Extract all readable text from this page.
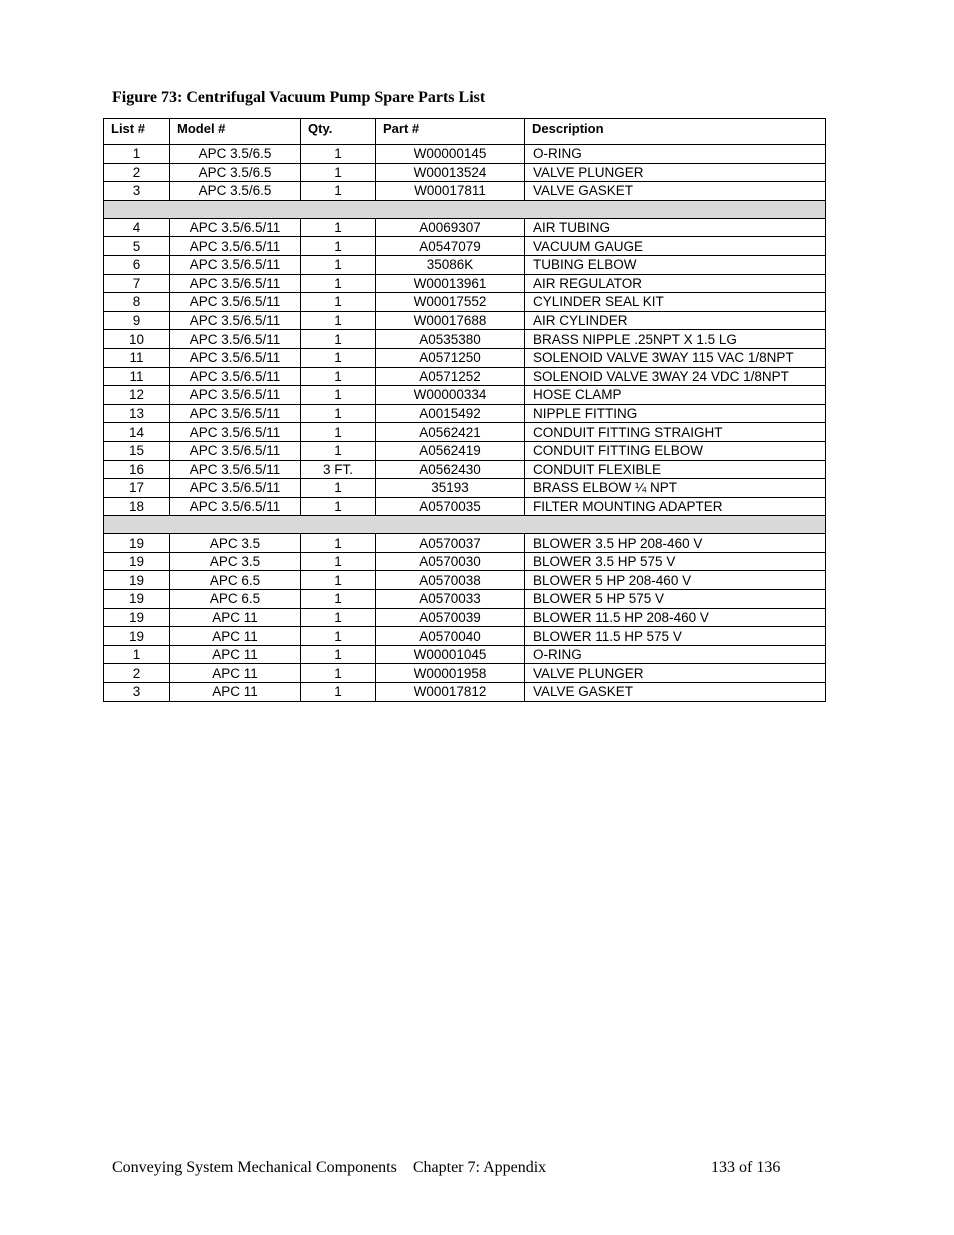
Figure 73: Centrifugal Vacuum Pump Spare Parts List
List #	Model #	Qty.	Part #	Description
1	APC 3.5/6.5	1	W00000145	O-RING
2	APC 3.5/6.5	1	W00013524	VALVE PLUNGER
3	APC 3.5/6.5	1	W00017811	VALVE GASKET

4	APC 3.5/6.5/11	1	A0069307	AIR TUBING
5	APC 3.5/6.5/11	1	A0547079	VACUUM GAUGE
6	APC 3.5/6.5/11	1	35086K	TUBING ELBOW
7	APC 3.5/6.5/11	1	W00013961	AIR REGULATOR
8	APC 3.5/6.5/11	1	W00017552	CYLINDER SEAL KIT
9	APC 3.5/6.5/11	1	W00017688	AIR CYLINDER
10	APC 3.5/6.5/11	1	A0535380	BRASS NIPPLE .25NPT X 1.5 LG
11	APC 3.5/6.5/11	1	A0571250	SOLENOID VALVE 3WAY 115 VAC 1/8NPT
11	APC 3.5/6.5/11	1	A0571252	SOLENOID VALVE 3WAY 24 VDC 1/8NPT
12	APC 3.5/6.5/11	1	W00000334	HOSE CLAMP
13	APC 3.5/6.5/11	1	A0015492	NIPPLE FITTING
14	APC 3.5/6.5/11	1	A0562421	CONDUIT FITTING STRAIGHT
15	APC 3.5/6.5/11	1	A0562419	CONDUIT FITTING ELBOW
16	APC 3.5/6.5/11	3 FT.	A0562430	CONDUIT FLEXIBLE
17	APC 3.5/6.5/11	1	35193	BRASS ELBOW ¼ NPT
18	APC 3.5/6.5/11	1	A0570035	FILTER MOUNTING ADAPTER

19	APC 3.5	1	A0570037	BLOWER 3.5 HP 208-460 V
19	APC 3.5	1	A0570030	BLOWER 3.5 HP 575 V
19	APC 6.5	1	A0570038	BLOWER 5 HP 208-460 V
19	APC 6.5	1	A0570033	BLOWER 5 HP 575 V
19	APC 11	1	A0570039	BLOWER 11.5 HP 208-460 V
19	APC 11	1	A0570040	BLOWER 11.5 HP 575 V
1	APC 11	1	W00001045	O-RING
2	APC 11	1	W00001958	VALVE PLUNGER
3	APC 11	1	W00017812	VALVE GASKET
Conveying System Mechanical Components    Chapter 7: Appendix	133 of 136
